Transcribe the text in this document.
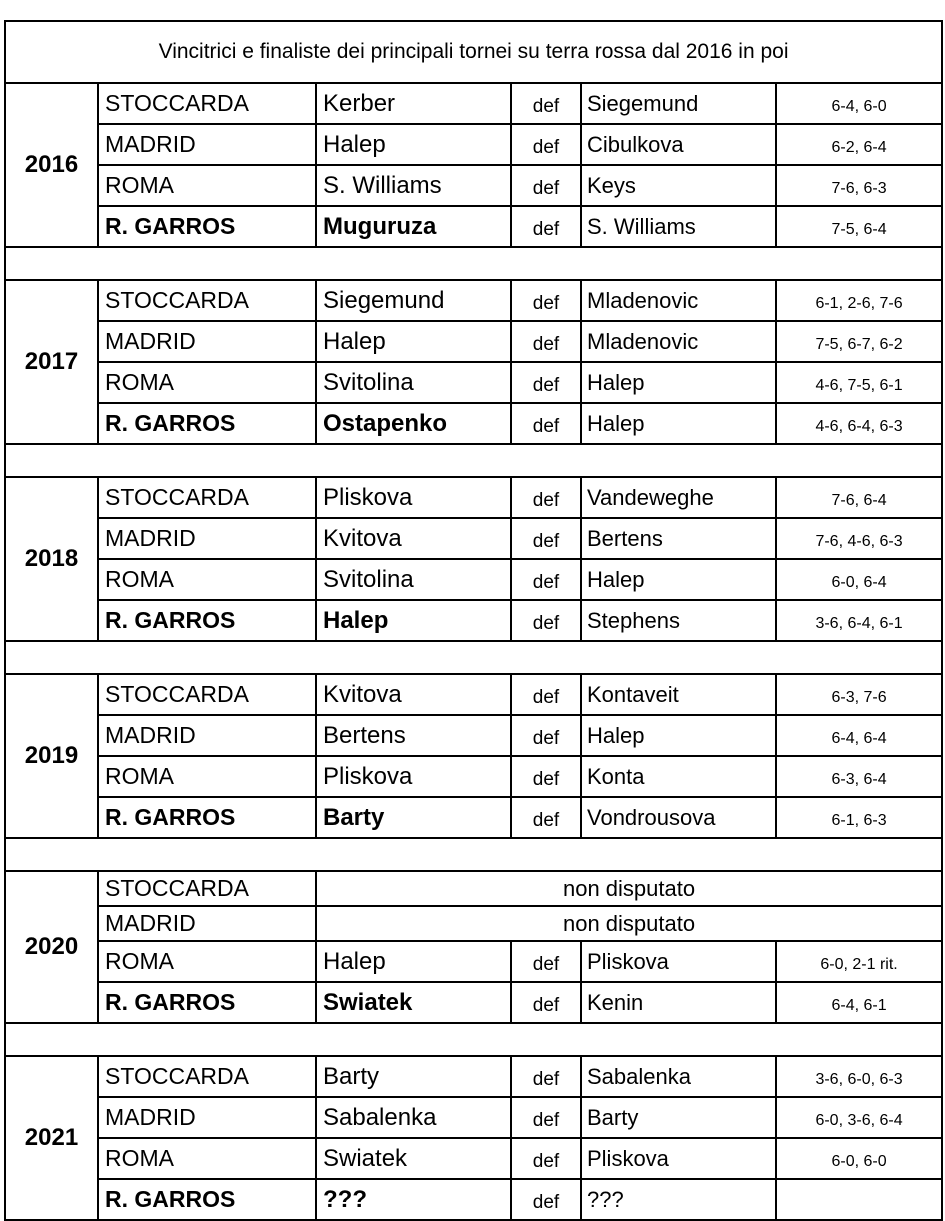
Vincitrici e finaliste dei principali tornei su terra rossa dal 2016 in poi					
2016	STOCCARDA	Kerber	def	Siegemund	6-4, 6-0
	MADRID	Halep	def	Cibulkova	6-2, 6-4
	ROMA	S. Williams	def	Keys	7-6, 6-3
	R. GARROS	Muguruza	def	S. Williams	7-5, 6-4

2017	STOCCARDA	Siegemund	def	Mladenovic	6-1, 2-6, 7-6
	MADRID	Halep	def	Mladenovic	7-5, 6-7, 6-2
	ROMA	Svitolina	def	Halep	4-6, 7-5, 6-1
	R. GARROS	Ostapenko	def	Halep	4-6, 6-4, 6-3

2018	STOCCARDA	Pliskova	def	Vandeweghe	7-6, 6-4
	MADRID	Kvitova	def	Bertens	7-6, 4-6, 6-3
	ROMA	Svitolina	def	Halep	6-0, 6-4
	R. GARROS	Halep	def	Stephens	3-6, 6-4, 6-1

2019	STOCCARDA	Kvitova	def	Kontaveit	6-3, 7-6
	MADRID	Bertens	def	Halep	6-4, 6-4
	ROMA	Pliskova	def	Konta	6-3, 6-4
	R. GARROS	Barty	def	Vondrousova	6-1, 6-3

2020	STOCCARDA	non disputato			
	MADRID	non disputato			
	ROMA	Halep	def	Pliskova	6-0, 2-1 rit.
	R. GARROS	Swiatek	def	Kenin	6-4, 6-1

2021	STOCCARDA	Barty	def	Sabalenka	3-6, 6-0, 6-3
	MADRID	Sabalenka	def	Barty	6-0, 3-6, 6-4
	ROMA	Swiatek	def	Pliskova	6-0, 6-0
	R. GARROS	???	def	???	
